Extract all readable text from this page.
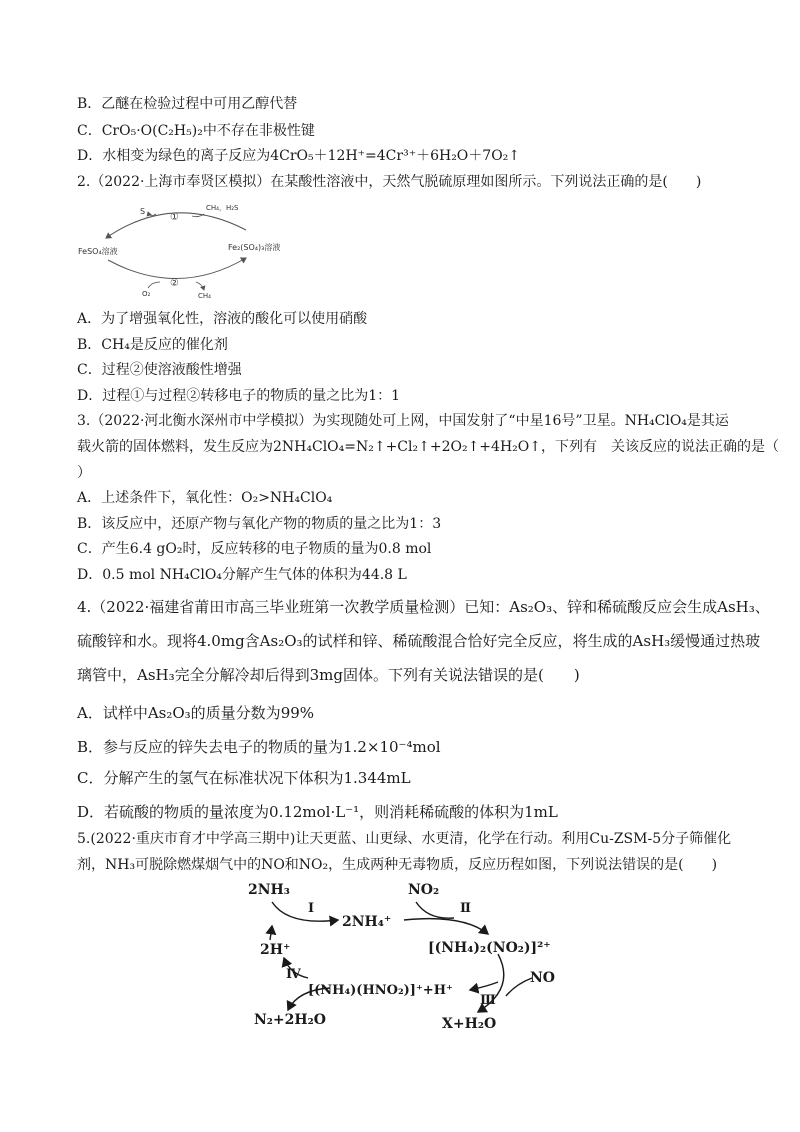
B．乙醚在检验过程中可用乙醇代替
C．CrO₅·O(C₂H₅)₂中不存在非极性键
D．水相变为绿色的离子反应为4CrO₅＋12H⁺=4Cr³⁺＋6H₂O＋7O₂↑
2.（2022·上海市奉贤区模拟）在某酸性溶液中，天然气脱硫原理如图所示。下列说法正确的是(　　)
S	CH₄，H₂S
①
FeSO₄溶液	Fe₂(SO₄)₃溶液
②
O₂	CH₄
A．为了增强氧化性，溶液的酸化可以使用硝酸
B．CH₄是反应的催化剂
C．过程②使溶液酸性增强
D．过程①与过程②转移电子的物质的量之比为1：1
3.（2022·河北衡水深州市中学模拟）为实现随处可上网，中国发射了“中星16号”卫星。NH₄ClO₄是其运
载火箭的固体燃料，发生反应为2NH₄ClO₄=N₂↑+Cl₂↑+2O₂↑+4H₂O↑，下列有　关该反应的说法正确的是（
）
A．上述条件下，氧化性：O₂>NH₄ClO₄
B．该反应中，还原产物与氧化产物的物质的量之比为1：3
C．产生6.4 gO₂时，反应转移的电子物质的量为0.8 mol
D．0.5 mol NH₄ClO₄分解产生气体的体积为44.8 L
4.（2022·福建省莆田市高三毕业班第一次教学质量检测）已知：As₂O₃、锌和稀硫酸反应会生成AsH₃、
硫酸锌和水。现将4.0mg含As₂O₃的试样和锌、稀硫酸混合恰好完全反应，将生成的AsH₃缓慢通过热玻
璃管中，AsH₃完全分解冷却后得到3mg固体。下列有关说法错误的是(　　)
A．试样中As₂O₃的质量分数为99%
B．参与反应的锌失去电子的物质的量为1.2×10⁻⁴mol
C．分解产生的氢气在标准状况下体积为1.344mL
D．若硫酸的物质的量浓度为0.12mol·L⁻¹，则消耗稀硫酸的体积为1mL
5.(2022·重庆市育才中学高三期中)让天更蓝、山更绿、水更清，化学在行动。利用Cu-ZSM-5分子筛催化
剂，NH₃可脱除燃煤烟气中的NO和NO₂，生成两种无毒物质，反应历程如图，下列说法错误的是(　　)
2NH₃	NO₂
Ⅰ	Ⅱ
2NH₄⁺
[(NH₄)₂(NO₂)]²⁺
2H⁺
Ⅳ
[(NH₄)(HNO₂)]⁺+H⁺
NO
Ⅲ
N₂+2H₂O	X+H₂O
